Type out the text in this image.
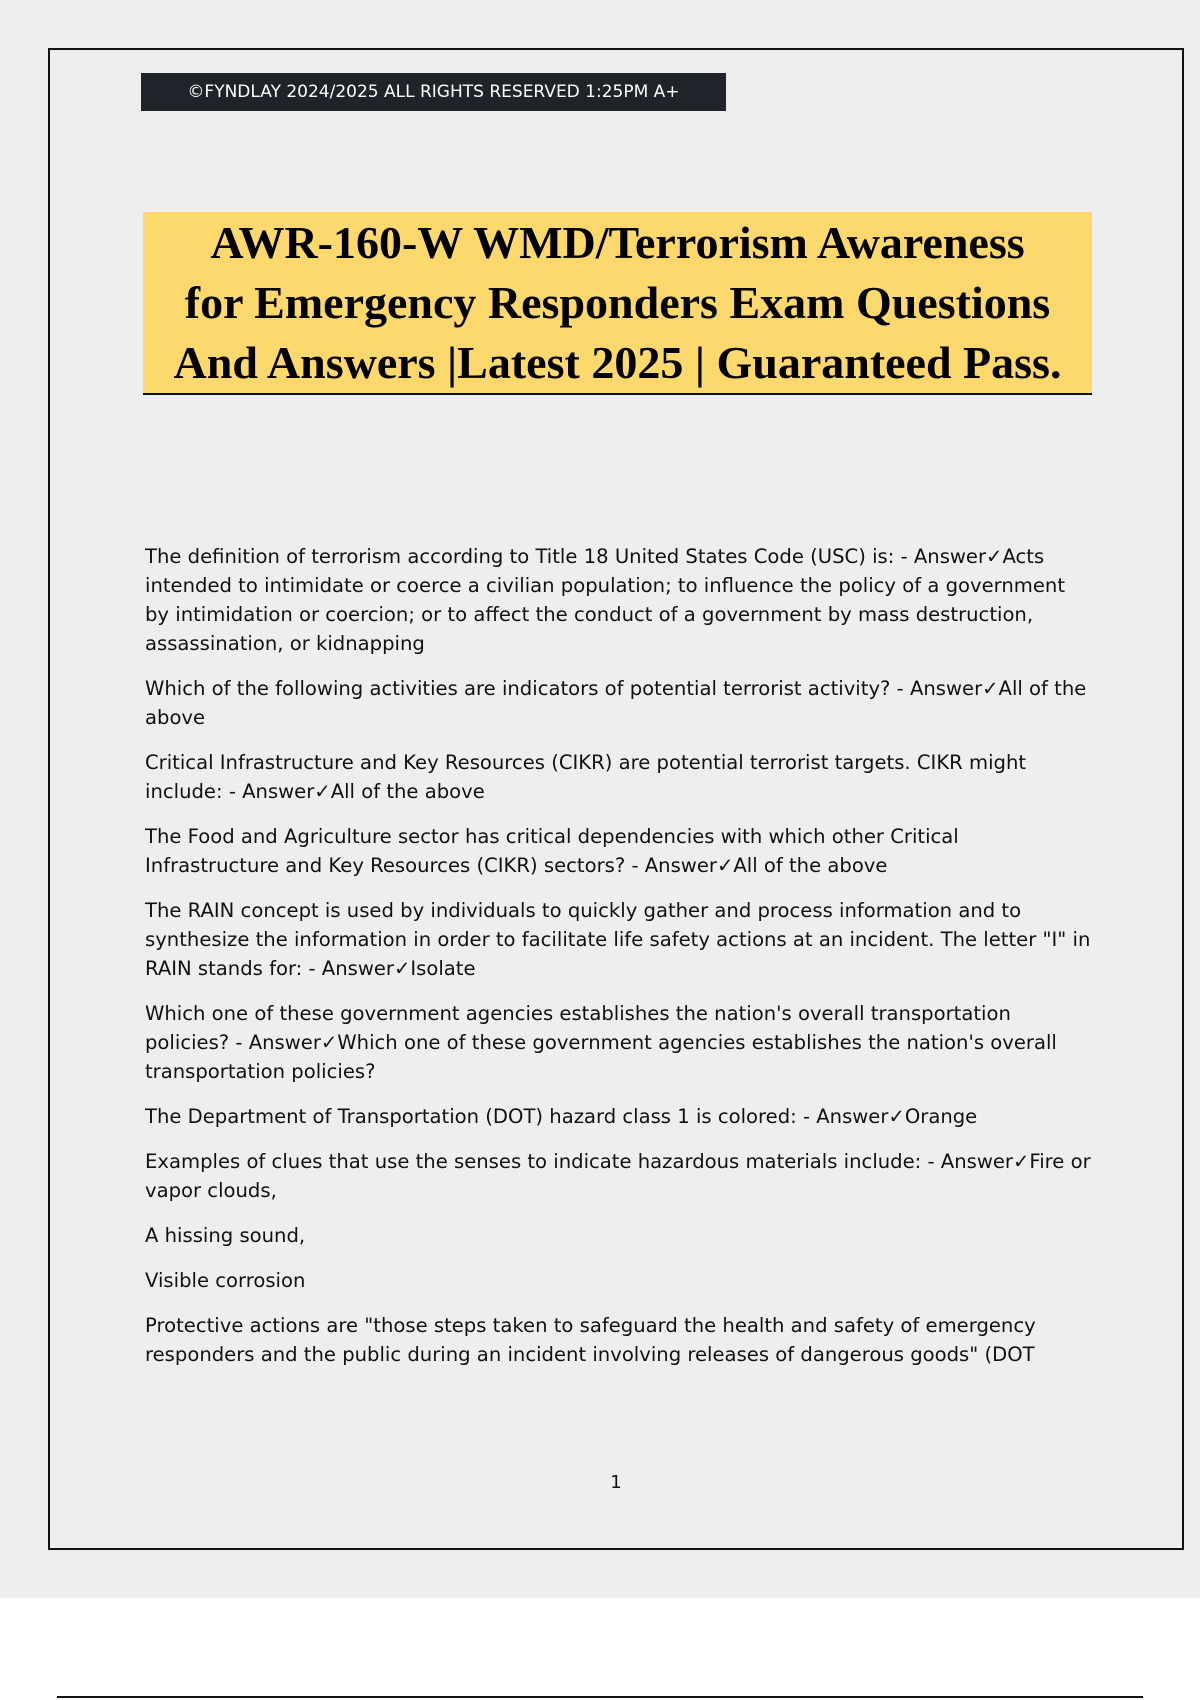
©FYNDLAY 2024/2025 ALL RIGHTS RESERVED 1:25PM A+
AWR-160-W WMD/Terrorism Awareness
for Emergency Responders Exam Questions
And Answers |Latest 2025 | Guaranteed Pass.

The definition of terrorism according to Title 18 United States Code (USC) is: - Answer✓Acts intended to intimidate or coerce a civilian population; to influence the policy of a government by intimidation or coercion; or to affect the conduct of a government by mass destruction, assassination, or kidnapping

Which of the following activities are indicators of potential terrorist activity? - Answer✓All of the above

Critical Infrastructure and Key Resources (CIKR) are potential terrorist targets. CIKR might include: - Answer✓All of the above

The Food and Agriculture sector has critical dependencies with which other Critical Infrastructure and Key Resources (CIKR) sectors? - Answer✓All of the above

The RAIN concept is used by individuals to quickly gather and process information and to synthesize the information in order to facilitate life safety actions at an incident. The letter "I" in RAIN stands for: - Answer✓Isolate

Which one of these government agencies establishes the nation's overall transportation policies? - Answer✓Which one of these government agencies establishes the nation's overall transportation policies?

The Department of Transportation (DOT) hazard class 1 is colored: - Answer✓Orange

Examples of clues that use the senses to indicate hazardous materials include: - Answer✓Fire or vapor clouds,

A hissing sound,

Visible corrosion

Protective actions are "those steps taken to safeguard the health and safety of emergency responders and the public during an incident involving releases of dangerous goods" (DOT

1
